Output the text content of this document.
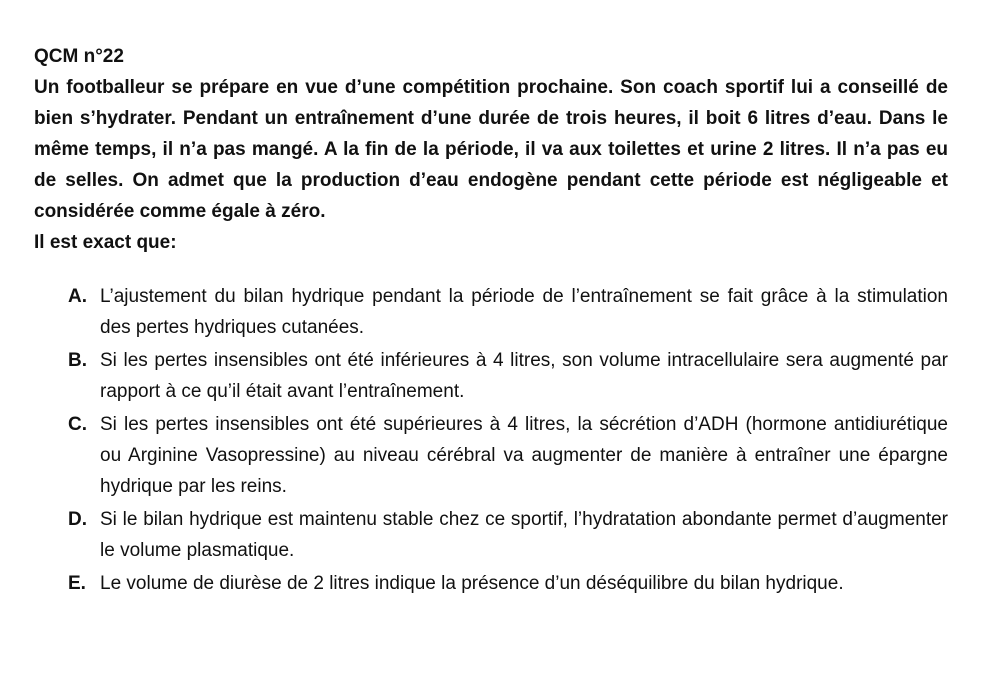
QCM n°22

Un footballeur se prépare en vue d’une compétition prochaine. Son coach sportif lui a conseillé de bien s’hydrater. Pendant un entraînement d’une durée de trois heures, il boit 6 litres d’eau. Dans le même temps, il n’a pas mangé. A la fin de la période, il va aux toilettes et urine 2 litres. Il n’a pas eu de selles. On admet que la production d’eau endogène pendant cette période est négligeable et considérée comme égale à zéro.

Il est exact que:

A. L’ajustement du bilan hydrique pendant la période de l’entraînement se fait grâce à la stimulation des pertes hydriques cutanées.
B. Si les pertes insensibles ont été inférieures à 4 litres, son volume intracellulaire sera augmenté par rapport à ce qu’il était avant l’entraînement.
C. Si les pertes insensibles ont été supérieures à 4 litres, la sécrétion d’ADH (hormone antidiurétique ou Arginine Vasopressine) au niveau cérébral va augmenter de manière à entraîner une épargne hydrique par les reins.
D. Si le bilan hydrique est maintenu stable chez ce sportif, l’hydratation abondante permet d’augmenter le volume plasmatique.
E. Le volume de diurèse de 2 litres indique la présence d’un déséquilibre du bilan hydrique.
